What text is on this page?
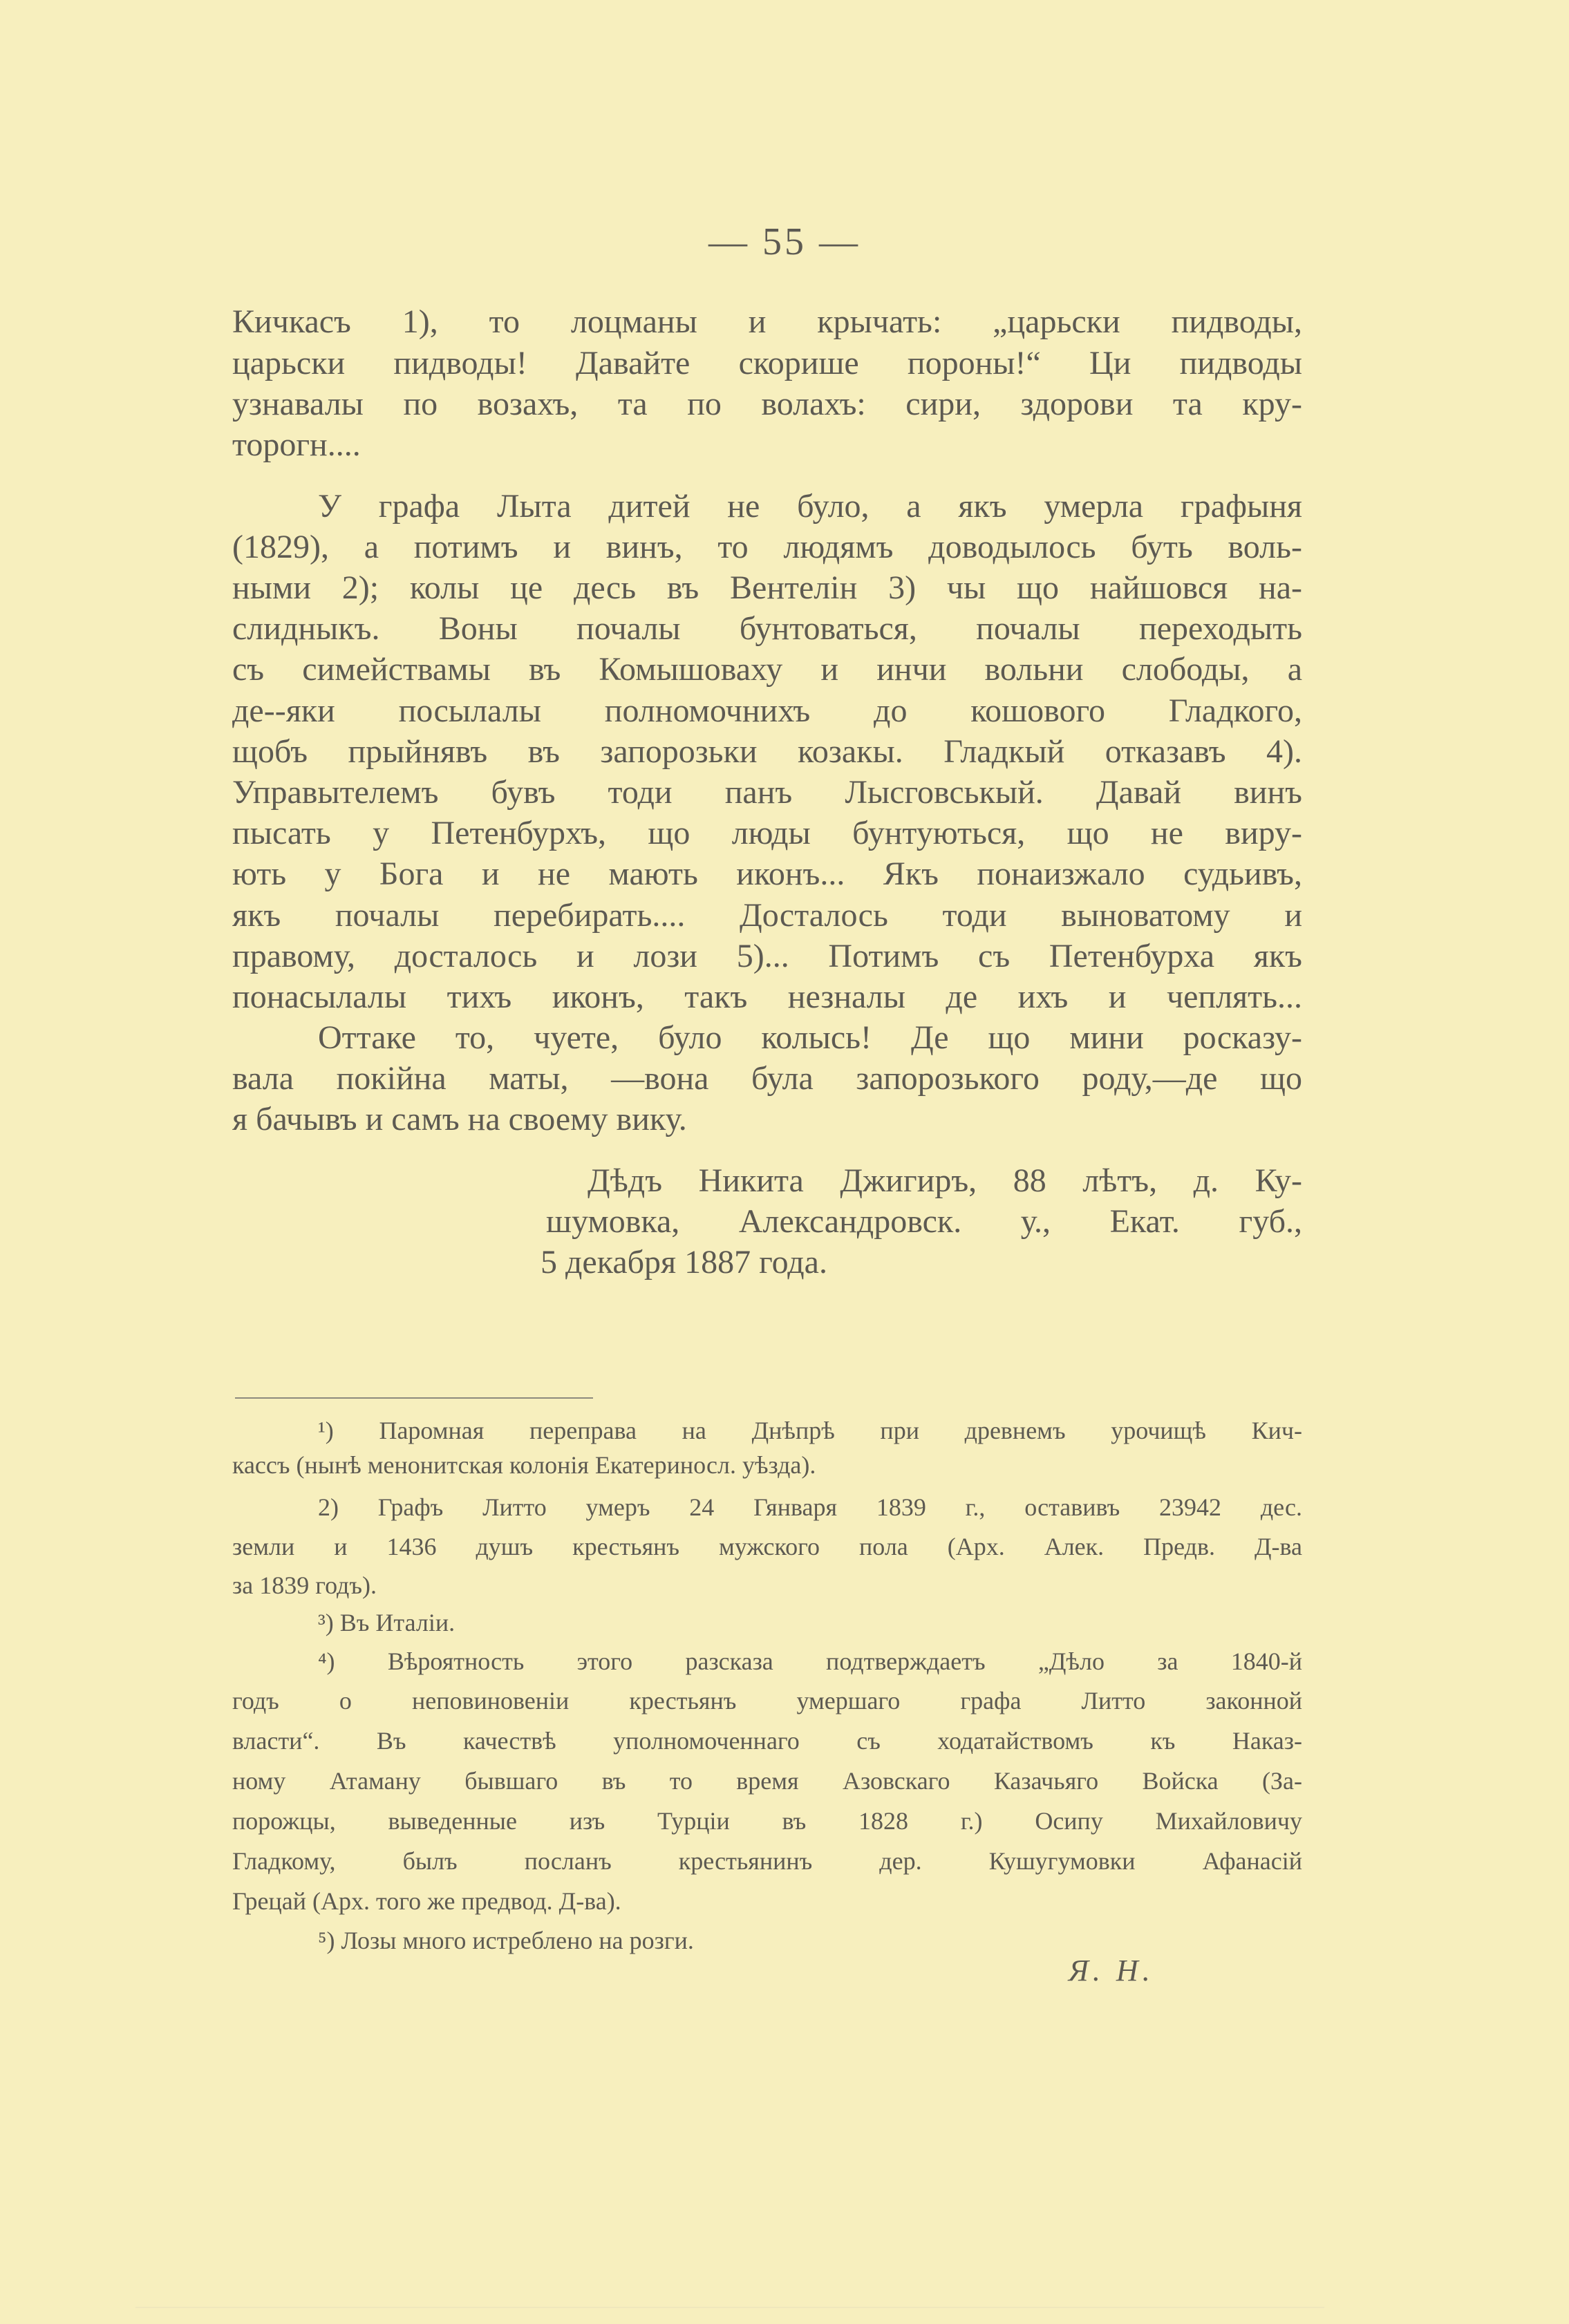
— 55 —
Кичкасъ 1), то лоцманы и крычать: „царьски пидводы,
царьски пидводы! Давайте скорише пороны!“ Ци пидводы
узнавалы по возахъ, та по волахъ: сири, здорови та кру-
торогн....
У графа Лыта дитей не було, а якъ умерла графыня
(1829), а потимъ и винъ, то людямъ доводылось буть воль-
ными 2); колы це десь въ Вентелін 3) чы що найшовся на-
слидныкъ. Воны почалы бунтоваться, почалы переходыть
съ симействамы въ Комышоваху и инчи вольни слободы, а
де--яки посылалы полномочнихъ до кошового Гладкого,
щобъ прыйнявъ въ запорозьки козакы. Гладкый отказавъ 4).
Управытелемъ бувъ тоди панъ Лысговськый. Давай винъ
пысать у Петенбурхъ, що люды бунтуються, що не виру-
ють у Бога и не мають иконъ... Якъ понаизжало судьивъ,
якъ почалы перебирать.... Досталось тоди выноватому и
правому, досталось и лози 5)... Потимъ съ Петенбурха якъ
понасылалы тихъ иконъ, такъ незналы де ихъ и чеплять...
Оттаке то, чуете, було колысь! Де що мини росказу-
вала покійна маты, —вона була запорозького роду,—де що
я бачывъ и самъ на своему вику.
Дѣдъ Никита Джигиръ, 88 лѣтъ, д. Ку-
шумовка, Александровск. у., Екат. губ.,
5 декабря 1887 года.
¹) Паромная переправа на Днѣпрѣ при древнемъ урочищѣ Кич-
кассъ (нынѣ менонитская колонія Екатериносл. уѣзда).
2) Графъ Литто умеръ 24 Гянваря 1839 г., оставивъ 23942 дес.
земли и 1436 душъ крестьянъ мужского пола (Арх. Алек. Предв. Д-ва
за 1839 годъ).
³) Въ Италіи.
⁴) Вѣроятность этого разсказа подтверждаетъ „Дѣло за 1840-й
годъ о неповиновеніи крестьянъ умершаго графа Литто законной
власти“. Въ качествѣ уполномоченнаго съ ходатайствомъ къ Наказ-
ному Атаману бывшаго въ то время Азовскаго Казачьяго Войска (За-
порожцы, выведенные изъ Турціи въ 1828 г.) Осипу Михайловичу
Гладкому, былъ посланъ крестьянинъ дер. Кушугумовки Афанасій
Грецай (Арх. того же предвод. Д-ва).
⁵) Лозы много истреблено на розги.
Я. Н.
